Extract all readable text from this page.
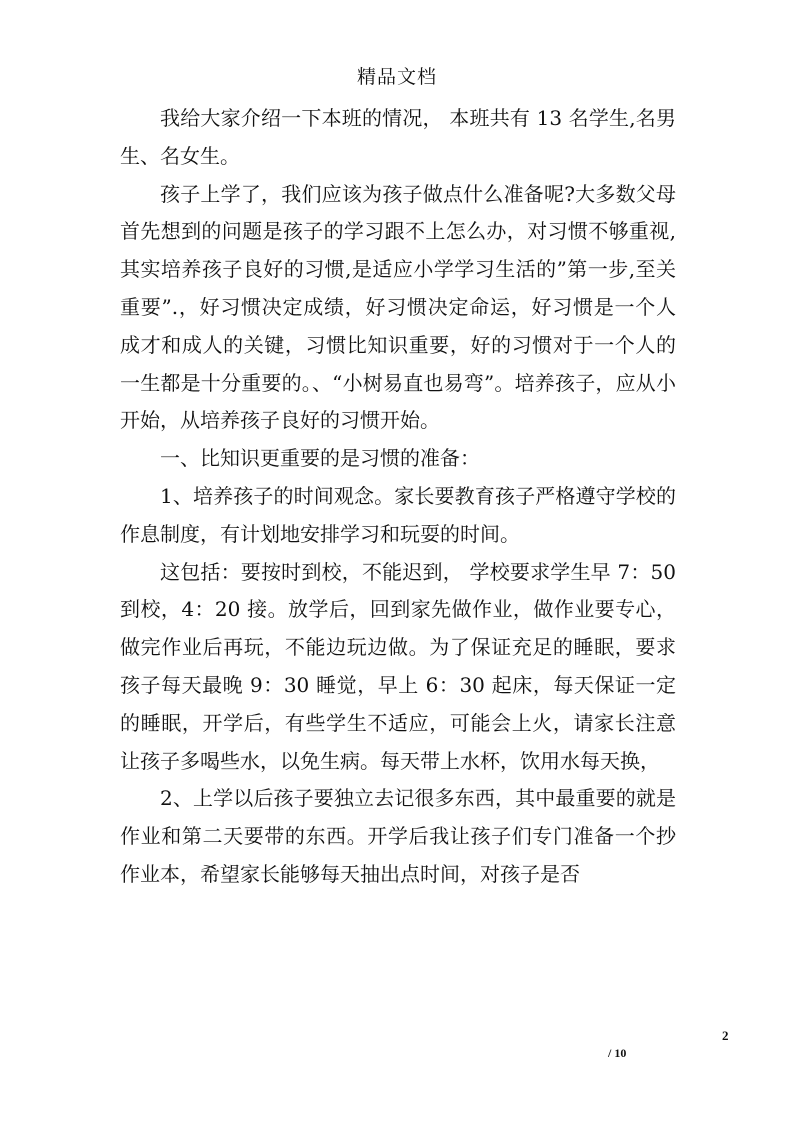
精品文档

我给大家介绍一下本班的情况， 本班共有 13 名学生,名男生、名女生。

孩子上学了，我们应该为孩子做点什么准备呢?大多数父母首先想到的问题是孩子的学习跟不上怎么办，对习惯不够重视,其实培养孩子良好的习惯,是适应小学学习生活的”第一步,至关重要”.，好习惯决定成绩，好习惯决定命运，好习惯是一个人成才和成人的关键，习惯比知识重要，好的习惯对于一个人的一生都是十分重要的。、“小树易直也易弯”。培养孩子，应从小开始，从培养孩子良好的习惯开始。

一、比知识更重要的是习惯的准备：

1、培养孩子的时间观念。家长要教育孩子严格遵守学校的作息制度，有计划地安排学习和玩耍的时间。

这包括：要按时到校，不能迟到， 学校要求学生早 7：50 到校，4：20 接。放学后，回到家先做作业，做作业要专心，做完作业后再玩，不能边玩边做。为了保证充足的睡眠，要求孩子每天最晚 9：30 睡觉，早上 6：30 起床，每天保证一定的睡眠，开学后，有些学生不适应，可能会上火，请家长注意让孩子多喝些水，以免生病。每天带上水杯，饮用水每天换，

2、上学以后孩子要独立去记很多东西，其中最重要的就是作业和第二天要带的东西。开学后我让孩子们专门准备一个抄作业本，希望家长能够每天抽出点时间，对孩子是否

2
/ 10
